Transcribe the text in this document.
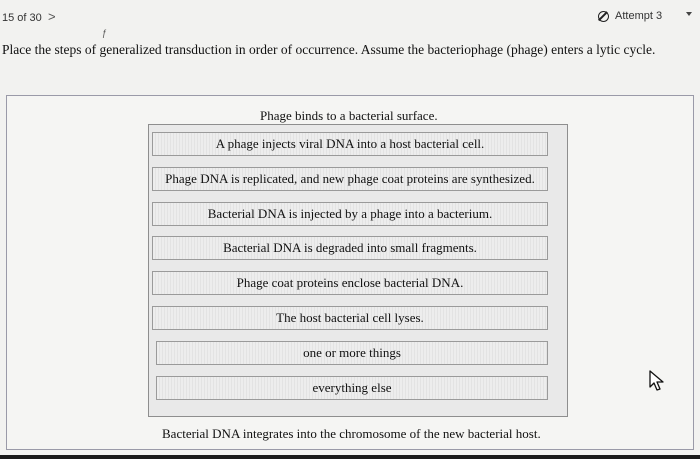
15 of 30 >
ƒ
Attempt 3
Place the steps of generalized transduction in order of occurrence. Assume the bacteriophage (phage) enters a lytic cycle.
Phage binds to a bacterial surface.
A phage injects viral DNA into a host bacterial cell.
Phage DNA is replicated, and new phage coat proteins are synthesized.
Bacterial DNA is injected by a phage into a bacterium.
Bacterial DNA is degraded into small fragments.
Phage coat proteins enclose bacterial DNA.
The host bacterial cell lyses.
one or more things
everything else
Bacterial DNA integrates into the chromosome of the new bacterial host.
